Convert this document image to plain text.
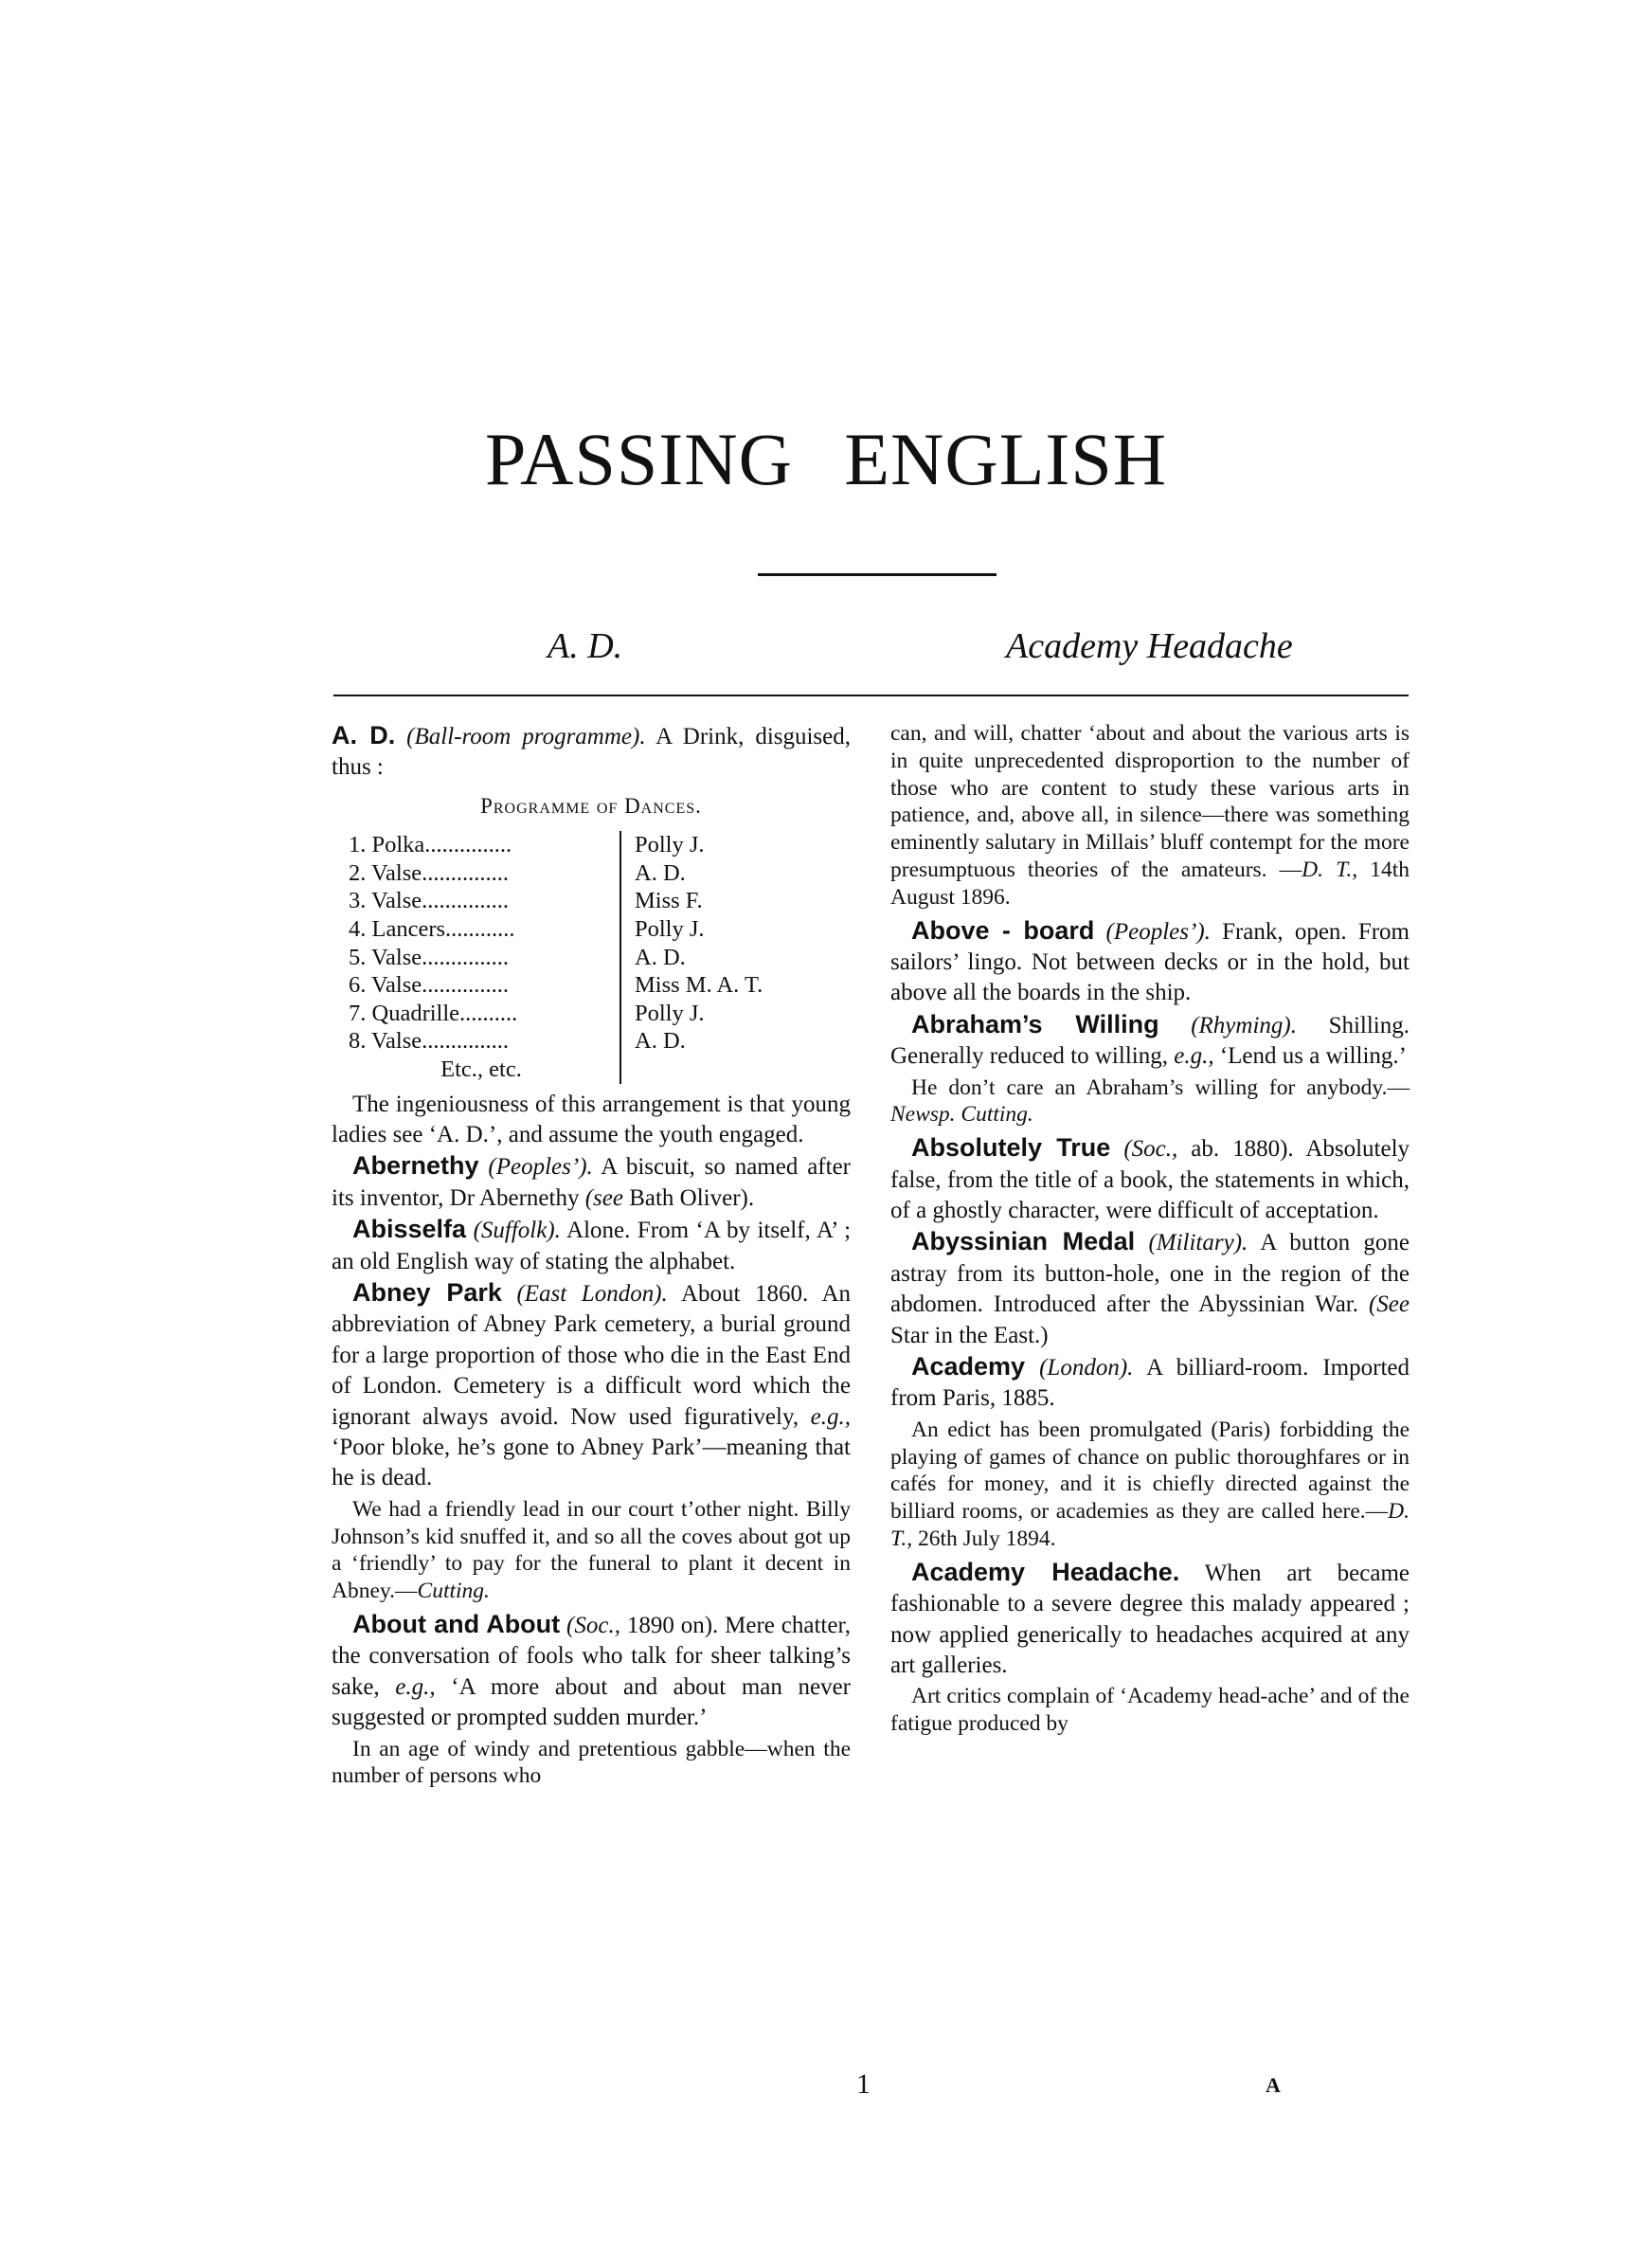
PASSING ENGLISH
A. D.	Academy Headache

A. D. (Ball-room programme). A Drink, disguised, thus :

Programme of Dances.

1. Polka...............	Polly J.
2. Valse...............	A. D.
3. Valse...............	Miss F.
4. Lancers............	Polly J.
5. Valse...............	A. D.
6. Valse...............	Miss M. A. T.
7. Quadrille..........	Polly J.
8. Valse...............	A. D.
Etc., etc.	

The ingeniousness of this arrangement is that young ladies see ‘A. D.’, and assume the youth engaged.

Abernethy (Peoples’). A biscuit, so named after its inventor, Dr Abernethy (see Bath Oliver).

Abisselfa (Suffolk). Alone. From ‘A by itself, A’ ; an old English way of stating the alphabet.

Abney Park (East London). About 1860. An abbreviation of Abney Park cemetery, a burial ground for a large proportion of those who die in the East End of London. Cemetery is a difficult word which the ignorant always avoid. Now used figuratively, e.g., ‘Poor bloke, he’s gone to Abney Park’—meaning that he is dead.

We had a friendly lead in our court t’other night. Billy Johnson’s kid snuffed it, and so all the coves about got up a ‘friendly’ to pay for the funeral to plant it decent in Abney.—Cutting.

About and About (Soc., 1890 on). Mere chatter, the conversation of fools who talk for sheer talking’s sake, e.g., ‘A more about and about man never suggested or prompted sudden murder.’

In an age of windy and pretentious gabble—when the number of persons who

can, and will, chatter ‘about and about the various arts is in quite unprecedented disproportion to the number of those who are content to study these various arts in patience, and, above all, in silence—there was something eminently salutary in Millais’ bluff contempt for the more presumptuous theories of the amateurs. —D. T., 14th August 1896.

Above - board (Peoples’). Frank, open. From sailors’ lingo. Not between decks or in the hold, but above all the boards in the ship.

Abraham’s Willing (Rhyming). Shilling. Generally reduced to willing, e.g., ‘Lend us a willing.’

He don’t care an Abraham’s willing for anybody.—Newsp. Cutting.

Absolutely True (Soc., ab. 1880). Absolutely false, from the title of a book, the statements in which, of a ghostly character, were difficult of acceptation.

Abyssinian Medal (Military). A button gone astray from its button-hole, one in the region of the abdomen. Introduced after the Abyssinian War. (See Star in the East.)

Academy (London). A billiard-room. Imported from Paris, 1885.

An edict has been promulgated (Paris) forbidding the playing of games of chance on public thoroughfares or in cafés for money, and it is chiefly directed against the billiard rooms, or academies as they are called here.—D. T., 26th July 1894.

Academy Headache. When art became fashionable to a severe degree this malady appeared ; now applied generically to headaches acquired at any art galleries.

Art critics complain of ‘Academy head-ache’ and of the fatigue produced by

1	A
